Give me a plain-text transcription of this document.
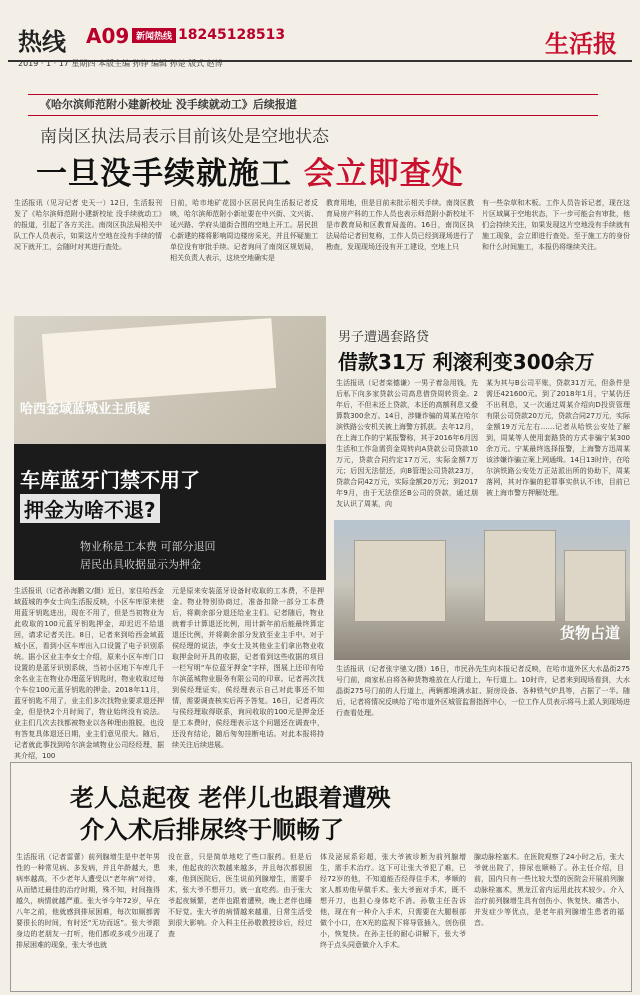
热线 A09 新闻热线 18245128513	生活报
2019 · 1 · 17 星期四 本版主编 孙铮 编辑 孙楚 版式 赵博
《哈尔滨师范附小建新校址 没手续就动工》后续报道
南岗区执法局表示目前该处是空地状态
一旦没手续就施工 会立即查处
生活报讯（见习记者 史天一）12日，生活报刊发了《哈尔滨师范附小建新校址 没手续就动工》的报道，引起了各方关注。南岗区执法局相关中队工作人员表示，如果这片空地在没有手续的情况下就开工，会随时对其进行查处。
日前，哈市地矿花园小区居民向生活报记者反映，哈尔滨师范附小新址要在中兴街、文兴街、延兴路、学府头道街合围的空地上开工。居民担心新建的楼将影响周边楼房采光，并且怀疑施工单位没有审批手续。记者询问了南岗区规划局，相关负责人表示，这块空地确实是
教育用地，但是目前未批示相关手续。南岗区教育局房产科的工作人员也表示师范附小新校址不是市教育局和区教育局盖的。16日，南岗区执法局给记者回复称，工作人员已经到现场进行了勘查，发现现场还没有开工建设，空地上只
有一些杂草和木板。工作人员告诉记者，现在这片区域属于空地状态，下一步可能会有审批，他们会持续关注，如果发现这片空地没有手续就有施工现象，会立即进行查处。至于施工方的身份和什么时间施工，本报仍将继续关注。
哈西金域蓝城业主质疑
车库蓝牙门禁不用了
押金为啥不退?
物业称是工本费 可部分退回
居民出具收据显示为押金
生活报讯（记者孙海鹏文/摄）近日，家住哈西金域蓝城的李女士向生活报反映，小区车库原来使用蓝牙钥匙进出，现在不用了，但是当初物业为此收取的100元蓝牙钥匙押金，却迟迟不给退回，请求记者关注。8日，记者来到哈西金域蓝城小区，看到小区车库出入口设置了电子识别系统。据小区业主李女士介绍，原来小区车库门口设置的是蓝牙识别系统，当初小区地下车库几千余名业主在物业办理蓝牙钥匙时，物业收取过每个车位100元蓝牙钥匙的押金。2018年11月，蓝牙钥匙不用了，业主们多次找物业要求退还押金，但是快2个月时间了，物业始终没有说法。业主们几次去找都被物业以各种理由推脱，也没有答复具体退还日期，业主们意见很大。随后，记者就此事找到哈尔滨金域物业公司经经理，据其介绍，100
元是原来安装蓝牙设备时收取的工本费，不是押金。物业特别协商过，准备扣除一部分工本费后，将剩余部分退还给业主们。记者随后，物业就着手计算退还比例，用计新年前后能最终算定退还比例，并将剩余部分发放至业主手中。对于侯经理的说法，李女士及其他业主们拿出物业收取押金时开具的收据，记者看到这些收据的项目一栏写明“车位蓝牙押金”字样，图展上还印有哈尔滨蓝城物业服务有限公司的印章。记者再次找到侯经理证实，侯经理表示自己对此事还不知情，需要调查核实后再予答复。16日，记者再次与侯经理取得联系，询问收取的100元是押金还是工本费时，侯经理表示这个问题还在调查中，还没有结论，随后匆匆挂断电话。对此本报将持续关注后续进展。
男子遭遇套路贷
借款31万 利滚利变300余万
生活报讯（记者栾德谦）一男子着急用钱，先后私下向多家贷款公司高息借贷周转资金。2年后，不但未还上贷款，本还的高额利息又叠算数300余万。14日，涉嫌诈骗的周某在哈尔滨铁路公安机关被上海警方抓获。去年12月，在上海工作的宁某报警称，其于2016年6月因生活和工作急需资金周转向A贷款公司贷款10万元，贷款合同约定17万元，实际金额7万元；后因无法偿还，向B管理公司贷款23万，贷款合同42万元，实际金额20万元；到2017年9月，由于无法偿还B公司的贷款，通过朋友认识了周某，向
某为其与B公司平账，贷款31万元，但条件是需还421600元。到了2018年1月，宁某仍还不出利息，又一次通过周某介绍向D投资管理有限公司贷款20万元，贷款合同27万元，实际金额19万元左右……记者从哈铁公安处了解到，周某等人使用套路贷的方式非骗宁某300余万元。宁某最终选择报警，上海警方迅周某该涉嫌诈骗立案上网通缉。14日13时许，在哈尔滨铁路公安处万正站派出所的协助下，周某落网，其对诈骗的犯罪事实供认不讳，目前已被上海市警方押解处理。
货物占道
生活报讯（记者张宇驰文/摄）16日，市民孙先生向本报记者反映，在哈市道外区大水晶街275号门前，商家私自将各种货物堆放在人行道上，车行道上。10时许，记者来到现场看到，大水晶街275号门前的人行道上，两辆都堆满水缸、厨房设备、各种铁气炉具等，占据了一半。随后，记者将情况反映给了哈市道外区城管监督指挥中心，一位工作人员表示将马上派人到现场进行查看处理。
老人总起夜 老伴儿也跟着遭殃
介入术后排尿终于顺畅了
生活报讯（记者雷蕾）前列腺增生是中老年男性的一种常见病、多发病，并且年龄越大，患病率越高，不少老年人遭受以“老年病”对待，从而错过最佳的治疗时期，殊不知，时间拖得越久，病情就越严重。张大爷今年72岁，早在八年之前，他就感到排尿困难，每次如厕都需要很长的时间，有时还“无功而返”。张大爷跟身边的老朋友一打听，他们都或多或少出现了排尿困难的现象，张大爷也就
没在意，只是简单地吃了些口服药。但是后来，他起夜的次数越来越多，并且每次都很困难，他到医院后，医生说前列腺增生，需要手术，张大爷不想开刀，就一直吃药。由于张大爷起夜频繁，老伴也跟着遭殃，晚上老伴也睡不好觉。张大爷的病情越来越重，日常生活受到很大影响。介入科主任孙敬教授诊后，经过查
体及泌尿系彩超，张大爷被诊断为前列腺增生，需手术治疗。这下可让张大爷犯了难，已经72岁的他，不知道能否经得住手术，孝顺的家人都劝他早做手术。张大爷面对手术，既不想开刀，也担心身体吃不消。孙敬主任告诉他，现在有一种介入手术，只需要在大腿根部做个小口，在X光的监视下将导管插入，创伤很小，恢复快。在孙主任的耐心讲解下，张大爷终于点头同意做介入手术。
腺动脉栓塞术。在医院观察了24小时之后，张大爷就出院了，排尿也顺畅了。孙主任介绍，目前，国内只有一些比较大型的医院会开展前列腺动脉栓塞术，黑龙江省内运用此技术较少。介入治疗前列腺增生具有创伤小、恢复快、痛苦小、并发症少等优点，是老年前列腺增生患者的福音。
